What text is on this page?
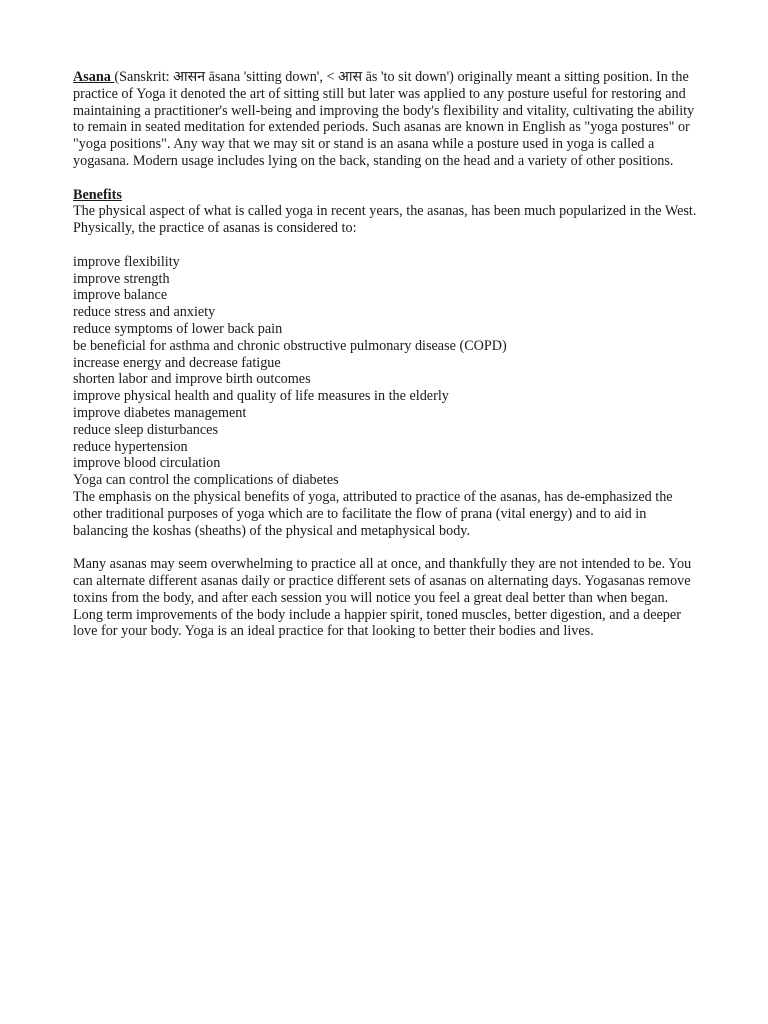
Asana (Sanskrit: आसन āsana 'sitting down', < आस ās 'to sit down') originally meant a sitting position. In the practice of Yoga it denoted the art of sitting still but later was applied to any posture useful for restoring and maintaining a practitioner's well-being and improving the body's flexibility and vitality, cultivating the ability to remain in seated meditation for extended periods. Such asanas are known in English as "yoga postures" or "yoga positions". Any way that we may sit or stand is an asana while a posture used in yoga is called a yogasana. Modern usage includes lying on the back, standing on the head and a variety of other positions.

Benefits

The physical aspect of what is called yoga in recent years, the asanas, has been much popularized in the West. Physically, the practice of asanas is considered to:

improve flexibility
improve strength
improve balance
reduce stress and anxiety
reduce symptoms of lower back pain
be beneficial for asthma and chronic obstructive pulmonary disease (COPD)
increase energy and decrease fatigue
shorten labor and improve birth outcomes
improve physical health and quality of life measures in the elderly
improve diabetes management
reduce sleep disturbances
reduce hypertension
improve blood circulation
Yoga can control the complications of diabetes

The emphasis on the physical benefits of yoga, attributed to practice of the asanas, has de-emphasized the other traditional purposes of yoga which are to facilitate the flow of prana (vital energy) and to aid in balancing the koshas (sheaths) of the physical and metaphysical body.

Many asanas may seem overwhelming to practice all at once, and thankfully they are not intended to be. You can alternate different asanas daily or practice different sets of asanas on alternating days. Yogasanas remove toxins from the body, and after each session you will notice you feel a great deal better than when began. Long term improvements of the body include a happier spirit, toned muscles, better digestion, and a deeper love for your body. Yoga is an ideal practice for that looking to better their bodies and lives.
